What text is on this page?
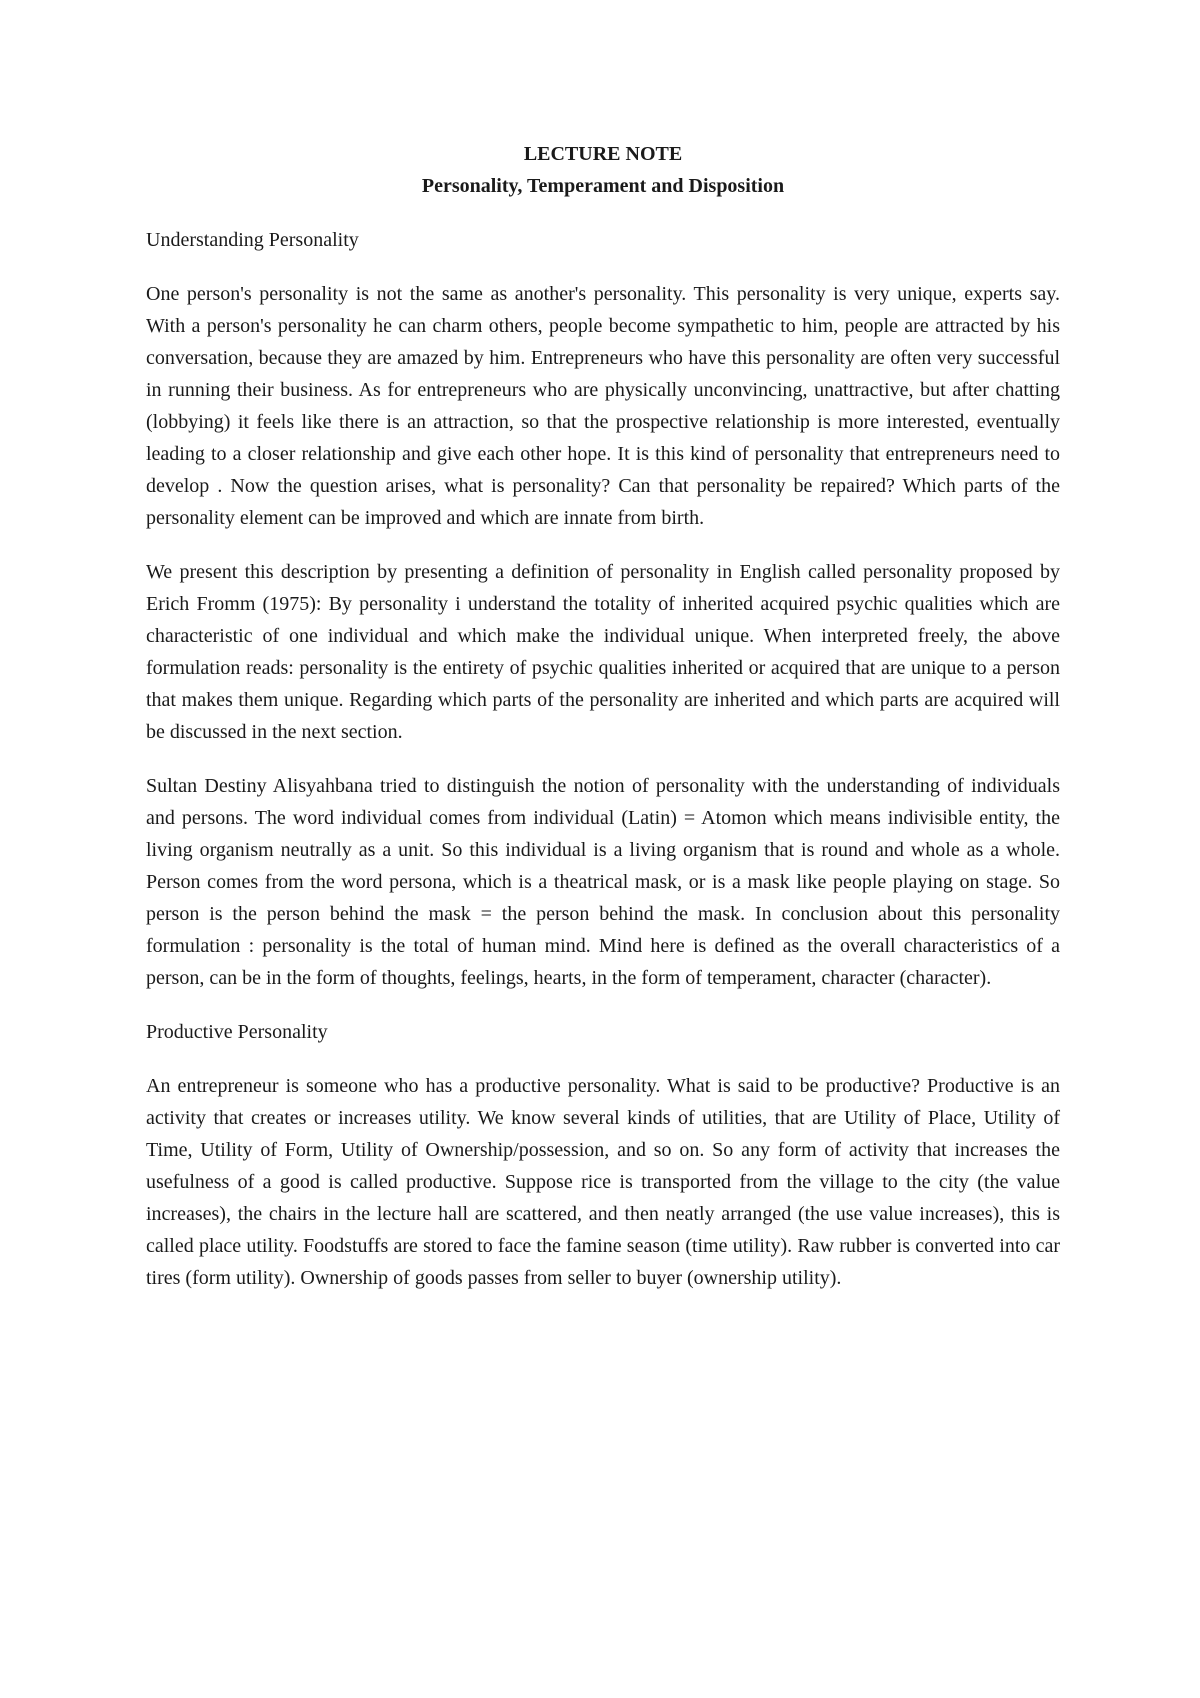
LECTURE NOTE

Personality, Temperament and Disposition

Understanding Personality

One person's personality is not the same as another's personality. This personality is very unique, experts say. With a person's personality he can charm others, people become sympathetic to him, people are attracted by his conversation, because they are amazed by him. Entrepreneurs who have this personality are often very successful in running their business. As for entrepreneurs who are physically unconvincing, unattractive, but after chatting (lobbying) it feels like there is an attraction, so that the prospective relationship is more interested, eventually leading to a closer relationship and give each other hope. It is this kind of personality that entrepreneurs need to develop . Now the question arises, what is personality? Can that personality be repaired? Which parts of the personality element can be improved and which are innate from birth.

We present this description by presenting a definition of personality in English called personality proposed by Erich Fromm (1975): By personality i understand the totality of inherited acquired psychic qualities which are characteristic of one individual and which make the individual unique. When interpreted freely, the above formulation reads: personality is the entirety of psychic qualities inherited or acquired that are unique to a person that makes them unique. Regarding which parts of the personality are inherited and which parts are acquired will be discussed in the next section.

Sultan Destiny Alisyahbana tried to distinguish the notion of personality with the understanding of individuals and persons. The word individual comes from individual (Latin) = Atomon which means indivisible entity, the living organism neutrally as a unit. So this individual is a living organism that is round and whole as a whole. Person comes from the word persona, which is a theatrical mask, or is a mask like people playing on stage. So person is the person behind the mask = the person behind the mask. In conclusion about this personality formulation : personality is the total of human mind. Mind here is defined as the overall characteristics of a person, can be in the form of thoughts, feelings, hearts, in the form of temperament, character (character).

Productive Personality

An entrepreneur is someone who has a productive personality. What is said to be productive? Productive is an activity that creates or increases utility. We know several kinds of utilities, that are Utility of Place, Utility of Time, Utility of Form, Utility of Ownership/possession, and so on. So any form of activity that increases the usefulness of a good is called productive. Suppose rice is transported from the village to the city (the value increases), the chairs in the lecture hall are scattered, and then neatly arranged (the use value increases), this is called place utility. Foodstuffs are stored to face the famine season (time utility). Raw rubber is converted into car tires (form utility). Ownership of goods passes from seller to buyer (ownership utility).
